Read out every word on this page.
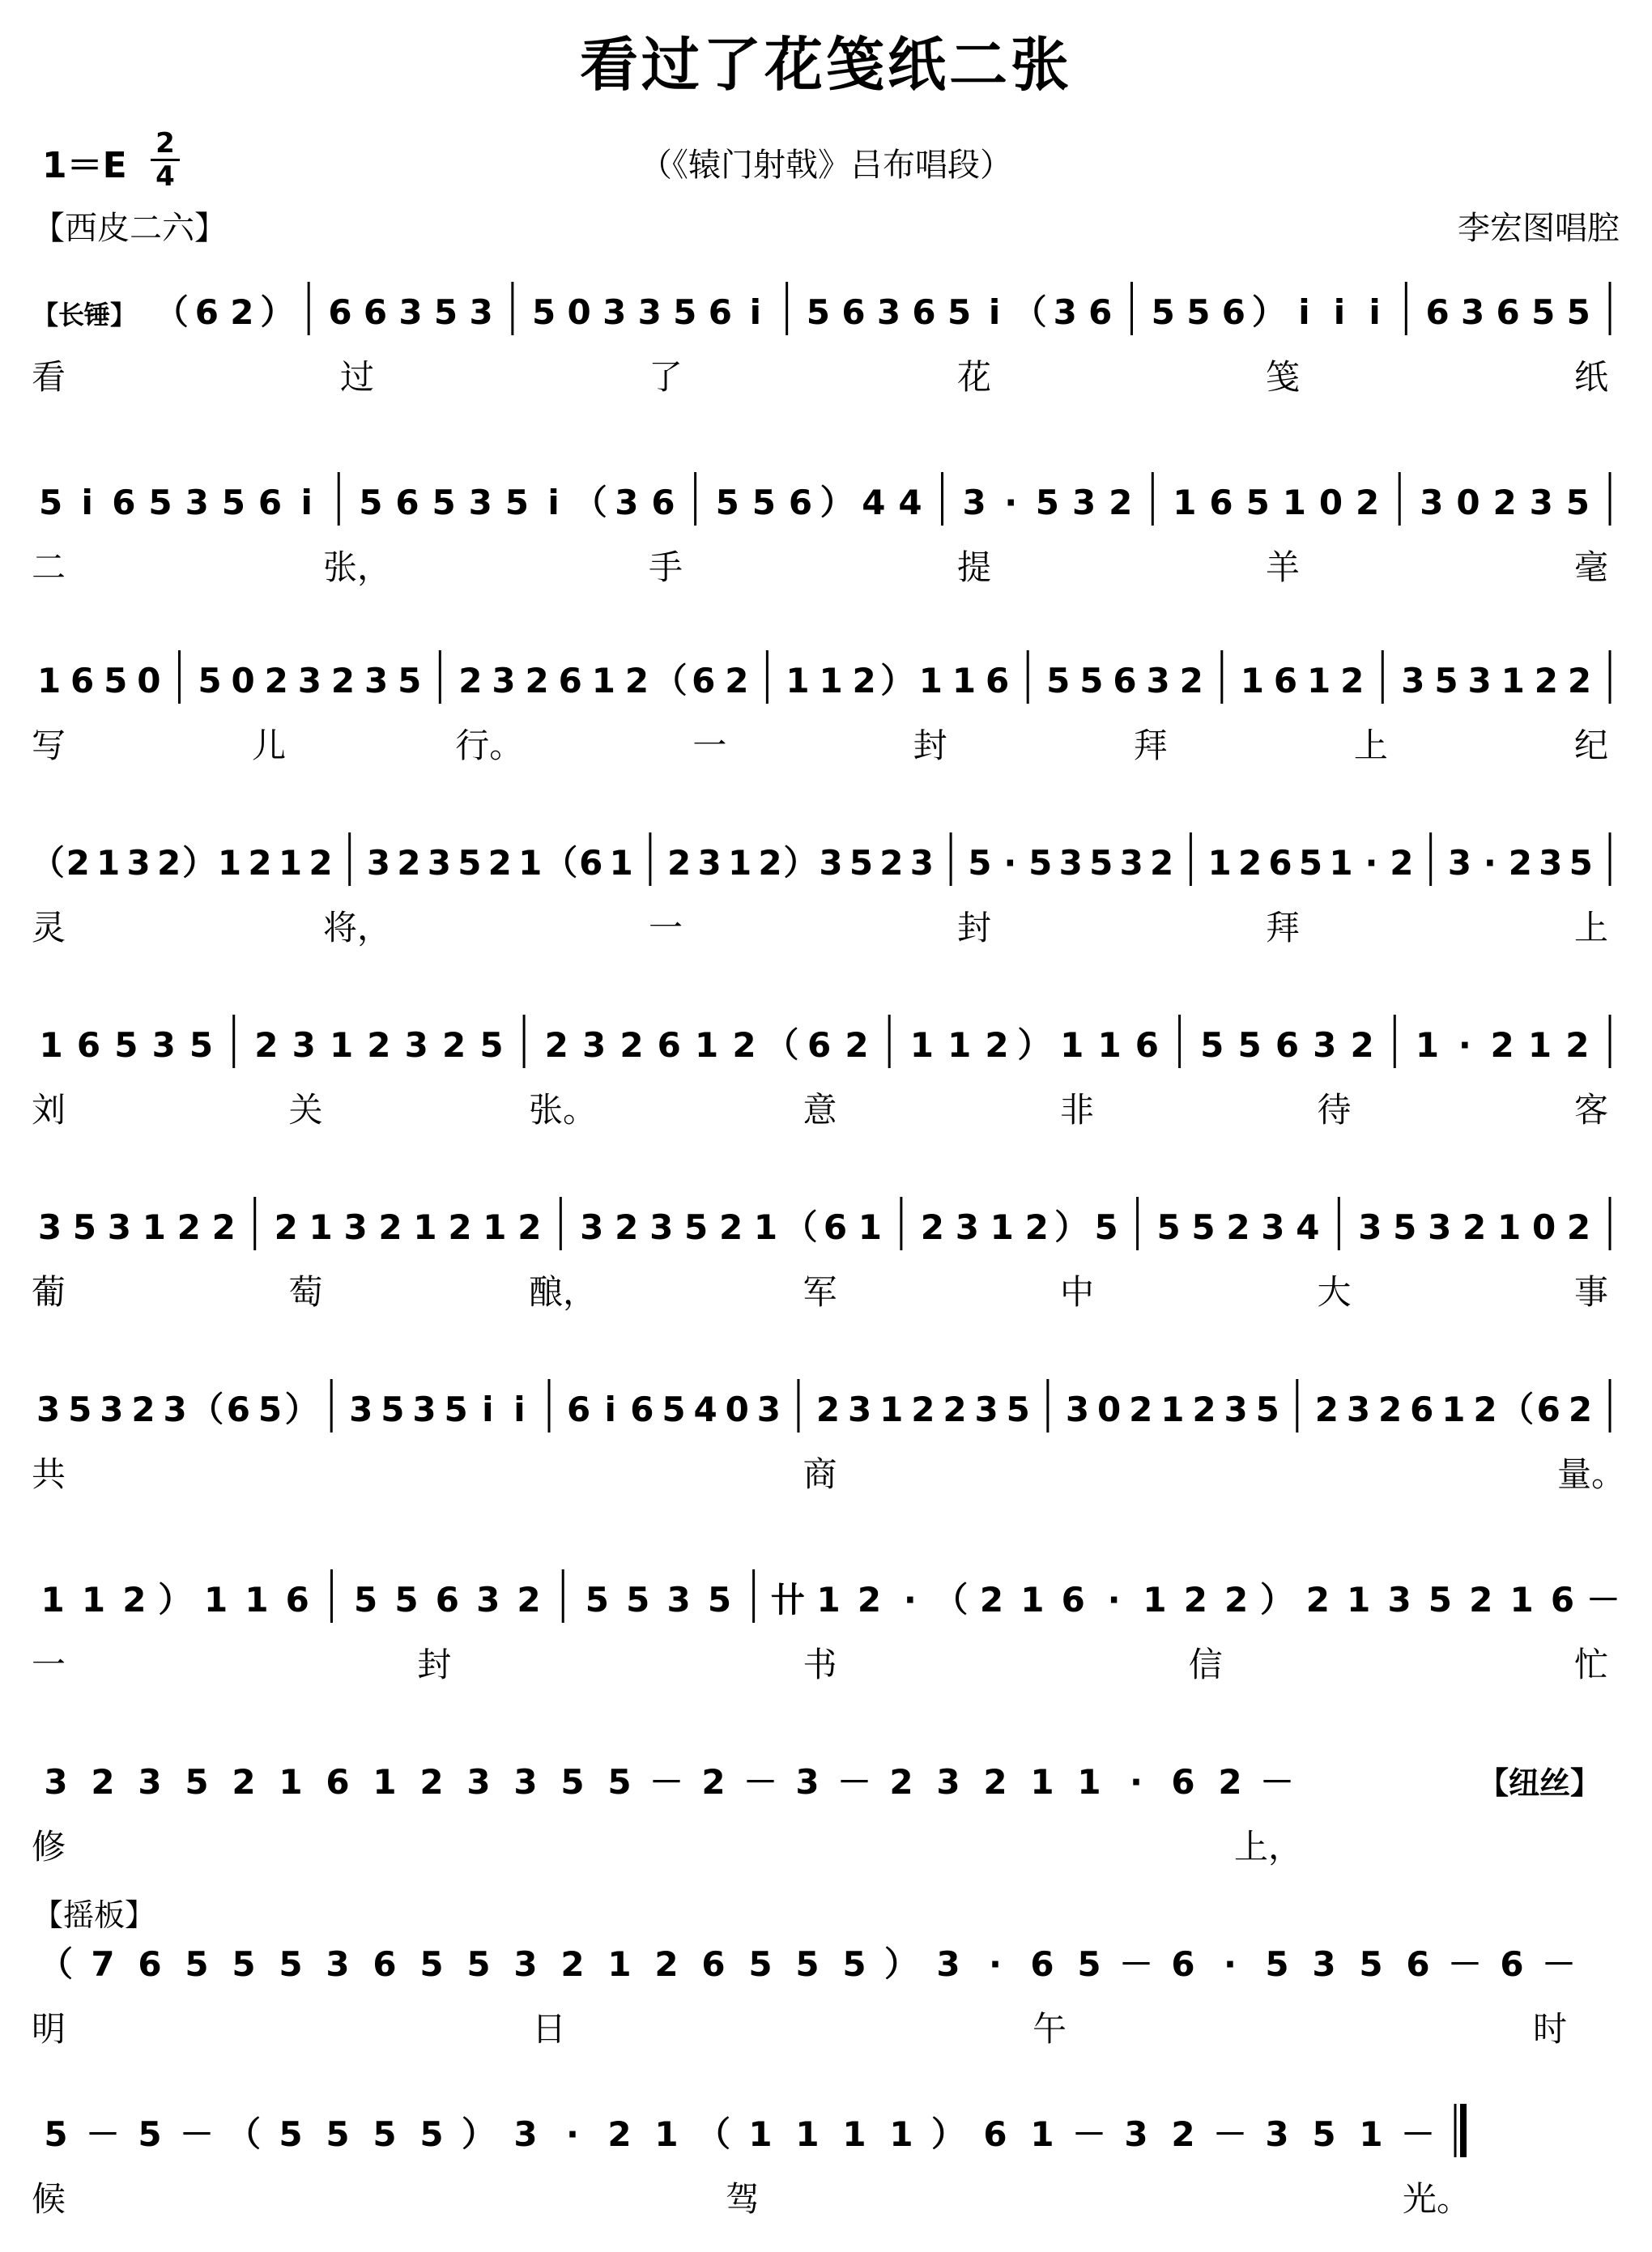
看过了花笺纸二张
1＝E
2
4	（《辕门射戟》吕布唱段）
【西皮二六】	李宏图唱腔
【长锤】 （ 6 2 ） 6 6 3 5 3 5 0 3 3 5 6 i 5 6 3 6 5 i （ 3 6 5 5 6 ） i i i 6 3 6 5 5
看	过	了	花	笺	纸
5 i 6 5 3 5 6 i 5 6 5 3 5 i （ 3 6 5 5 6 ） 4 4 3 · 5 3 2 1 6 5 1 0 2 3 0 2 3 5
二	张，	手	提	羊	毫
1 6 5 0 5 0 2 3 2 3 5 2 3 2 6 1 2 （ 6 2 1 1 2 ） 1 1 6 5 5 6 3 2 1 6 1 2 3 5 3 1 2 2
写	儿	行。	一	封	拜	上	纪
（ 2 1 3 2 ） 1 2 1 2 3 2 3 5 2 1 （ 6 1 2 3 1 2 ） 3 5 2 3 5 · 5 3 5 3 2 1 2 6 5 1 · 2 3 · 2 3 5
灵	将，	一	封	拜	上
1 6 5 3 5 2 3 1 2 3 2 5 2 3 2 6 1 2 （ 6 2 1 1 2 ） 1 1 6 5 5 6 3 2 1 · 2 1 2
刘	关	张。	意	非	待	客
3 5 3 1 2 2 2 1 3 2 1 2 1 2 3 2 3 5 2 1 （ 6 1 2 3 1 2 ） 5 5 5 2 3 4 3 5 3 2 1 0 2
葡	萄	酿，	军	中	大	事
3 5 3 2 3 （ 6 5 ） 3 5 3 5 i i 6 i 6 5 4 0 3 2 3 1 2 2 3 5 3 0 2 1 2 3 5 2 3 2 6 1 2 （ 6 2
共	商	量。
1 1 2 ） 1 1 6 5 5 6 3 2 5 5 3 5 卄 1 2 · （ 2 1 6 · 1 2 2 ） 2 1 3 5 2 1 6 －
一	封	书	信	忙
3 2 3 5 2 1 6 1 2 3 3 5 5 － 2 － 3 － 2 3 2 1 1 · 6 2 －	【纽丝】
修	上，
【摇板】
（ 7 6 5 5 5 3 6 5 5 3 2 1 2 6 5 5 5 ） 3 · 6 5 － 6 · 5 3 5 6 － 6 －
明	日	午	时
5 － 5 － （ 5 5 5 5 ） 3 · 2 1 （ 1 1 1 1 ） 6 1 － 3 2 － 3 5 1 －
候	驾	光。
